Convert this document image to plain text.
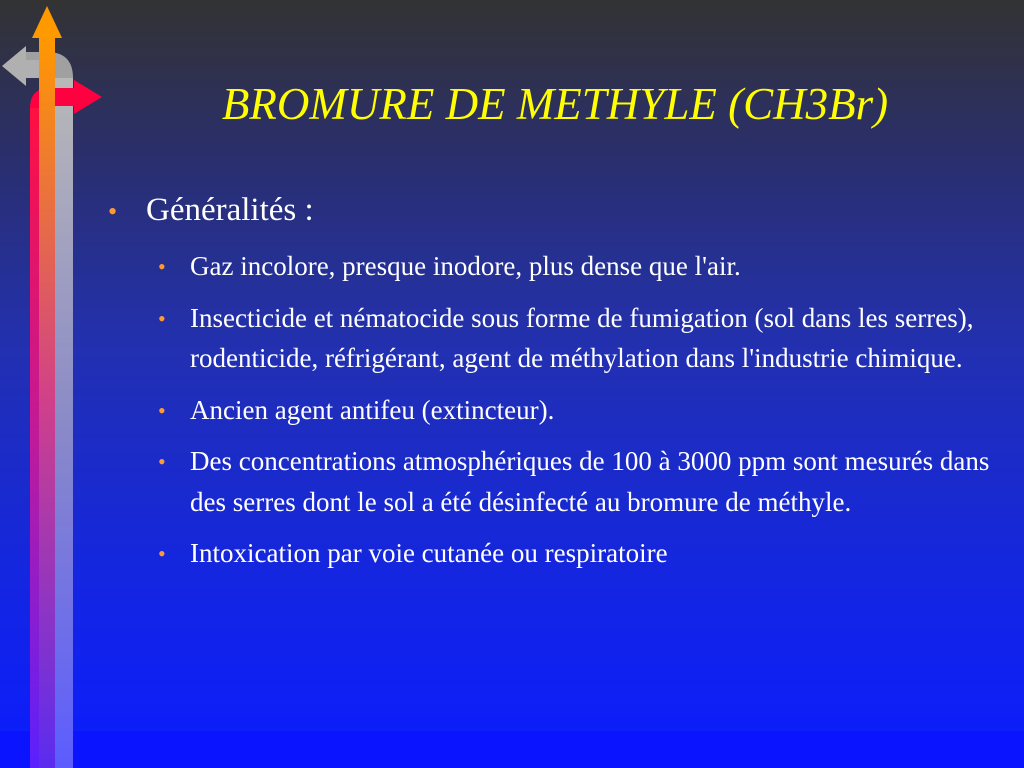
BROMURE DE METHYLE (CH3Br)
• Généralités :
• Gaz incolore, presque inodore, plus dense que l'air.
• Insecticide et nématocide sous forme de fumigation (sol dans les serres), rodenticide, réfrigérant, agent de méthylation dans l'industrie chimique.
• Ancien agent antifeu (extincteur).
• Des concentrations atmosphériques de 100 à 3000 ppm sont mesurés dans des serres dont le sol a été désinfecté au bromure de méthyle.
• Intoxication par voie cutanée ou respiratoire
